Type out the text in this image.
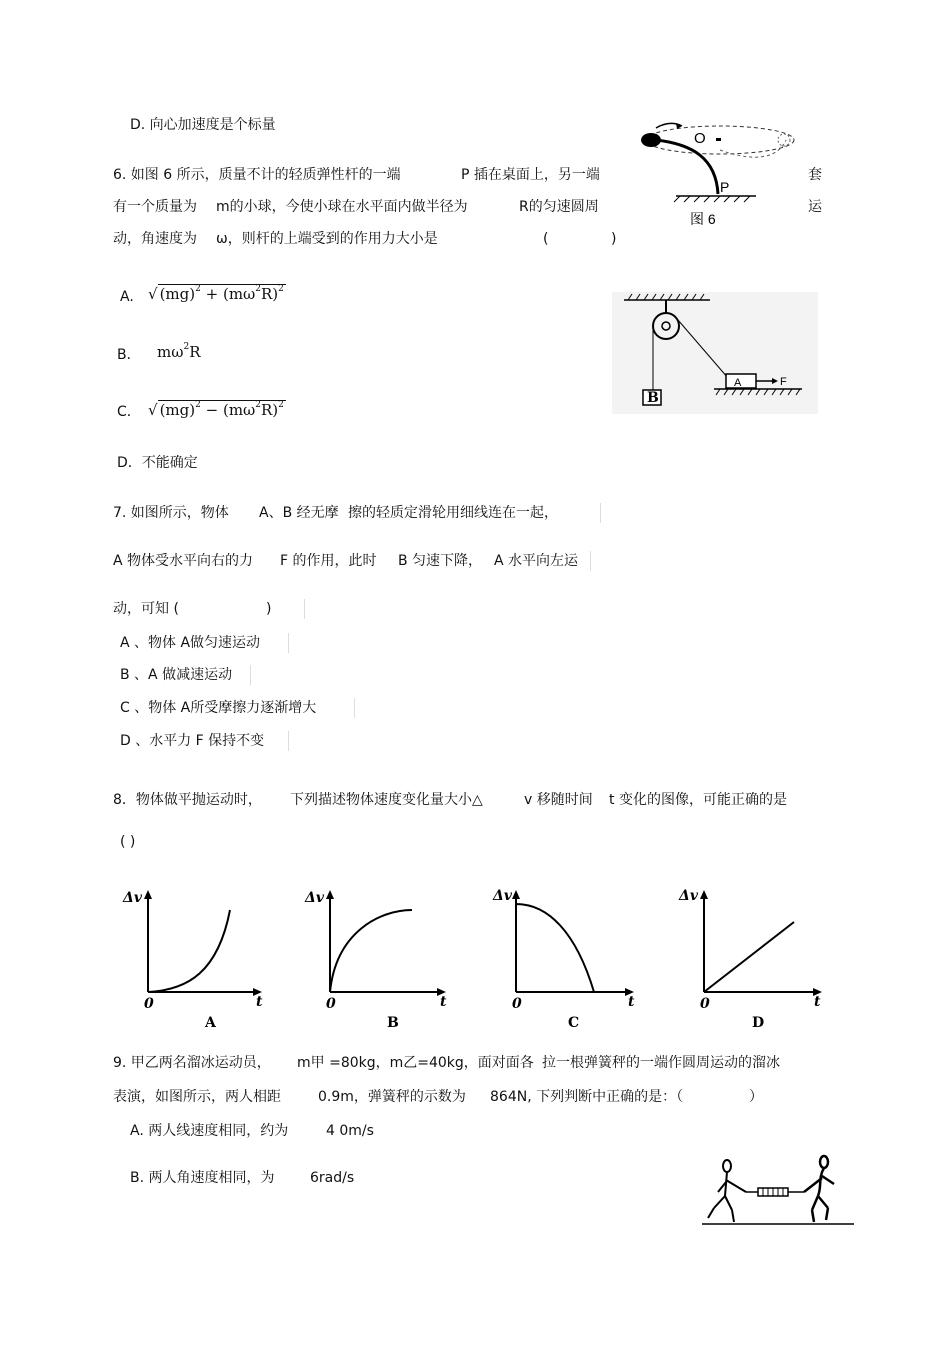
D. 向心加速度是个标量
6. 如图 6 所示，质量不计的轻质弹性杆的一端	P 插在桌面上，另一端	套
有一个质量为 m的小球，今使小球在水平面内做半径为	R的匀速圆周	运
动，角速度为 ω，则杆的上端受到的作用力大小是	(	)
A. √ $(mg)^2 + (m\omega^2R)^2$
B． $m\omega^2R$
C． √ $(mg)^2 - (m\omega^2R)^2$
D．不能确定
O
P
图 6
B
A	F
7. 如图所示，物体 A、B 经无摩 擦的轻质定滑轮用细线连在一起，
A 物体受水平向右的力 F 的作用，此时 B 匀速下降， A 水平向左运
动，可知 (	)
A 、物体 A做匀速运动
B 、A 做减速运动
C 、物体 A所受摩擦力逐渐增大
D 、水平力 F 保持不变
8．物体做平抛运动时， 下列描述物体速度变化量大小△	v 移随时间 t 变化的图像，可能正确的是
( )
Δv
t
0
A
Δv
t
0
B
Δv
t
0
C
Δv
t
0
D
9. 甲乙两名溜冰运动员， m甲 =80kg，m乙=40kg，面对面各 拉一根弹簧秤的一端作圆周运动的溜冰
表演，如图所示，两人相距	0.9m，弹簧秤的示数为 864N, 下列判断中正确的是：（	）
A. 两人线速度相同，约为	4 0m/s
B. 两人角速度相同，为	6rad/s
